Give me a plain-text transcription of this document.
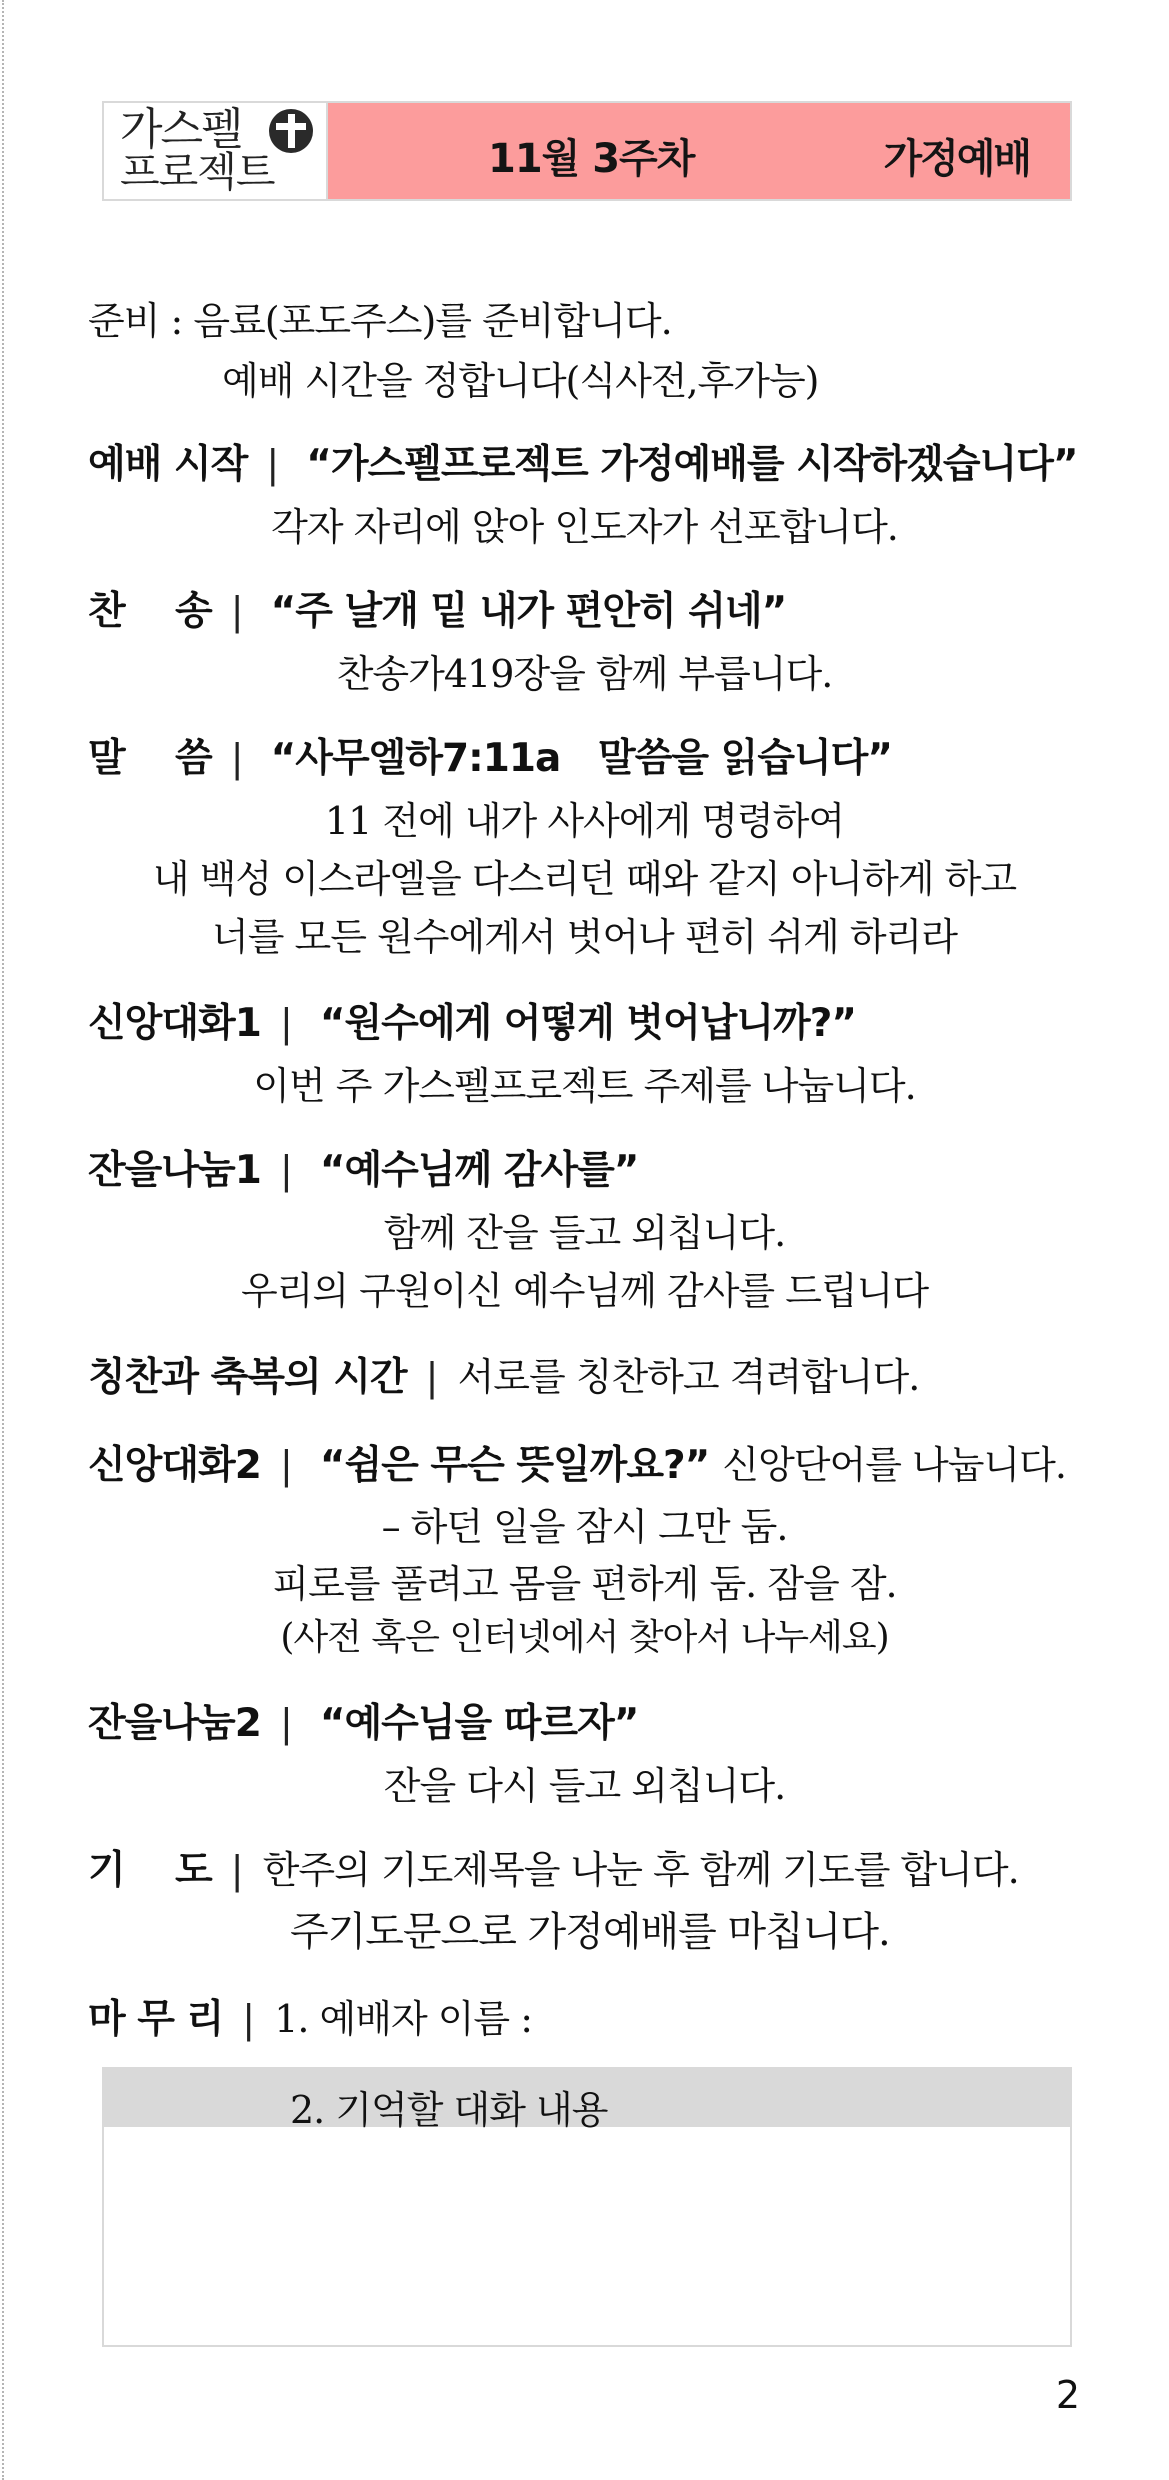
가스펠
프로젝트	11월 3주차	가정예배
준비 : 음료(포도주스)를 준비합니다.
예배 시간을 정합니다(식사전,후가능)
예배 시작 | “가스펠프로젝트 가정예배를 시작하겠습니다”
각자 자리에 앉아 인도자가 선포합니다.
찬    송 | “주 날개 밑 내가 편안히 쉬네”
찬송가419장을 함께 부릅니다.
말    씀 | “사무엘하7:11a   말씀을 읽습니다”
11 전에 내가 사사에게 명령하여
내 백성 이스라엘을 다스리던 때와 같지 아니하게 하고
너를 모든 원수에게서 벗어나 편히 쉬게 하리라
신앙대화1 | “원수에게 어떻게 벗어납니까?”
이번 주 가스펠프로젝트 주제를 나눕니다.
잔을나눔1 | “예수님께 감사를”
함께 잔을 들고 외칩니다.
우리의 구원이신 예수님께 감사를 드립니다
칭찬과 축복의 시간 | 서로를 칭찬하고 격려합니다.
신앙대화2 | “쉼은 무슨 뜻일까요?” 신앙단어를 나눕니다.
– 하던 일을 잠시 그만 둠.
피로를 풀려고 몸을 편하게 둠. 잠을 잠.
(사전 혹은 인터넷에서 찾아서 나누세요)
잔을나눔2 | “예수님을 따르자”
잔을 다시 들고 외칩니다.
기    도 | 한주의 기도제목을 나눈 후 함께 기도를 합니다.
주기도문으로 가정예배를 마칩니다.
마 무 리 | 1. 예배자 이름 :
2. 기억할 대화 내용
2
